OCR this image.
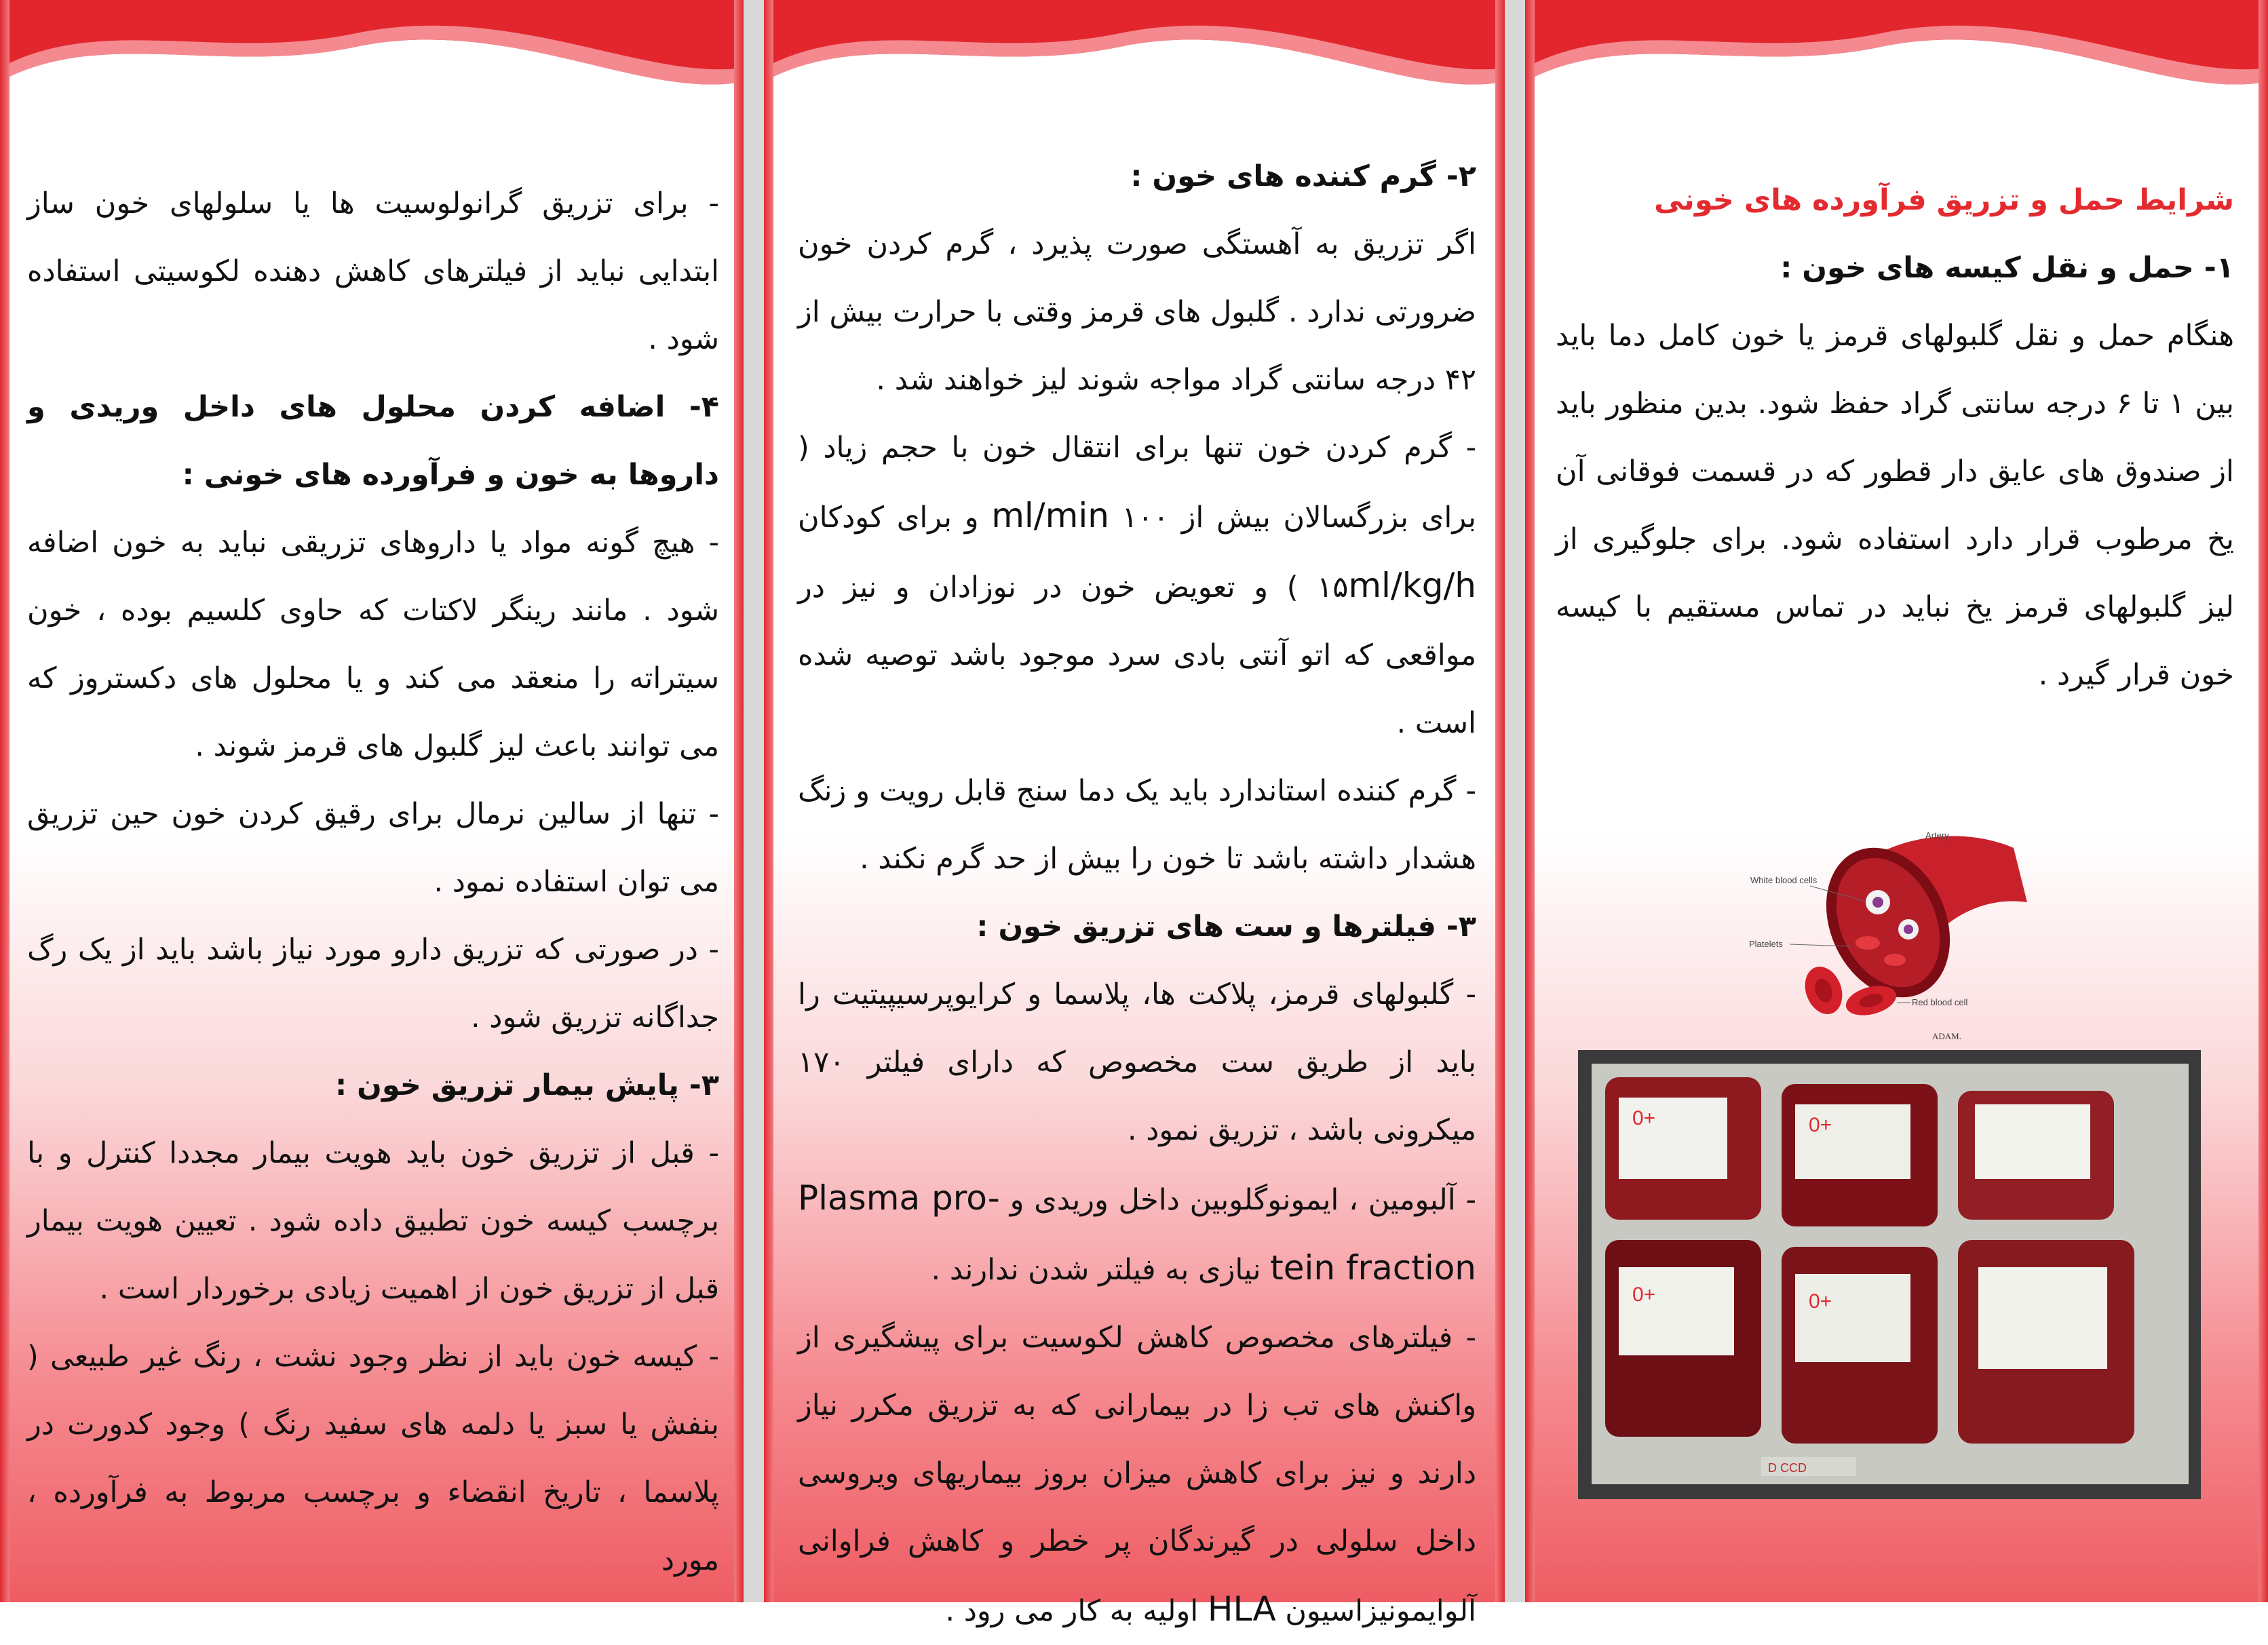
- برای تزریق گرانولوسیت ها یا سلولهای خون ساز ابتدایی نباید از فیلترهای کاهش دهنده لکوسیتی استفاده شود .

۴- اضافه کردن محلول های داخل وریدی و داروها به خون و فرآورده های خونی :

- هیچ گونه مواد یا داروهای تزریقی نباید به خون اضافه شود . مانند رینگر لاکتات که حاوی کلسیم بوده ، خون سیتراته را منعقد می کند و یا محلول های دکستروز که می توانند باعث لیز گلبول های قرمز شوند .

- تنها از سالین نرمال برای رقیق کردن خون حین تزریق می توان استفاده نمود .

- در صورتی که تزریق دارو مورد نیاز باشد باید از یک رگ جداگانه تزریق شود .

۳- پایش بیمار تزریق خون :

- قبل از تزریق خون باید هویت بیمار مجددا کنترل و با برچسب کیسه خون تطبیق داده شود . تعیین هویت بیمار قبل از تزریق خون از اهمیت زیادی برخوردار است .

- کیسه خون باید از نظر وجود نشت ، رنگ غیر طبیعی ( بنفش یا سبز یا دلمه های سفید رنگ ) وجود کدورت در پلاسما ، تاریخ انقضاء و برچسب مربوط به فرآورده ، مورد

۲- گرم کننده های خون :

اگر تزریق به آهستگی صورت پذیرد ، گرم کردن خون ضرورتی ندارد . گلبول های قرمز وقتی با حرارت بیش از ۴۲ درجه سانتی گراد مواجه شوند لیز خواهند شد .

- گرم کردن خون تنها برای انتقال خون با حجم زیاد ( برای بزرگسالان بیش از ۱۰۰ ml/min و برای کودکان ۱۵ml/kg/h ) و تعویض خون در نوزادان و نیز در مواقعی که اتو آنتی بادی سرد موجود باشد توصیه شده است .

- گرم کننده استاندارد باید یک دما سنج قابل رویت و زنگ هشدار داشته باشد تا خون را بیش از حد گرم نکند .

۳- فیلترها و ست های تزریق خون :

- گلبولهای قرمز، پلاکت ها، پلاسما و کرایوپرسیپیتیت را باید از طریق ست مخصوص که دارای فیلتر ۱۷۰ میکرونی باشد ، تزریق نمود .

- آلبومین ، ایمونوگلوبین داخل وریدی و Plasma pro- tein fraction نیازی به فیلتر شدن ندارند .

- فیلترهای مخصوص کاهش لکوسیت برای پیشگیری از واکنش های تب زا در بیمارانی که به تزریق مکرر نیاز دارند و نیز برای کاهش میزان بروز بیماریهای ویروسی داخل سلولی در گیرندگان پر خطر و کاهش فراوانی آلوایمونیزاسیون HLA اولیه به کار می رود .

شرایط حمل و تزریق فرآورده های خونی

۱- حمل و نقل کیسه های خون :

هنگام حمل و نقل گلبولهای قرمز یا خون کامل دما باید بین ۱ تا ۶ درجه سانتی گراد حفظ شود. بدین منظور باید از صندوق های عایق دار قطور که در قسمت فوقانی آن یخ مرطوب قرار دارد استفاده شود. برای جلوگیری از لیز گلبولهای قرمز یخ نباید در تماس مستقیم با کیسه خون قرار گیرد .

Artery
White blood cells
Platelets
Red blood cell
ADAM.
0+	0+
0+	0+
D CCD
